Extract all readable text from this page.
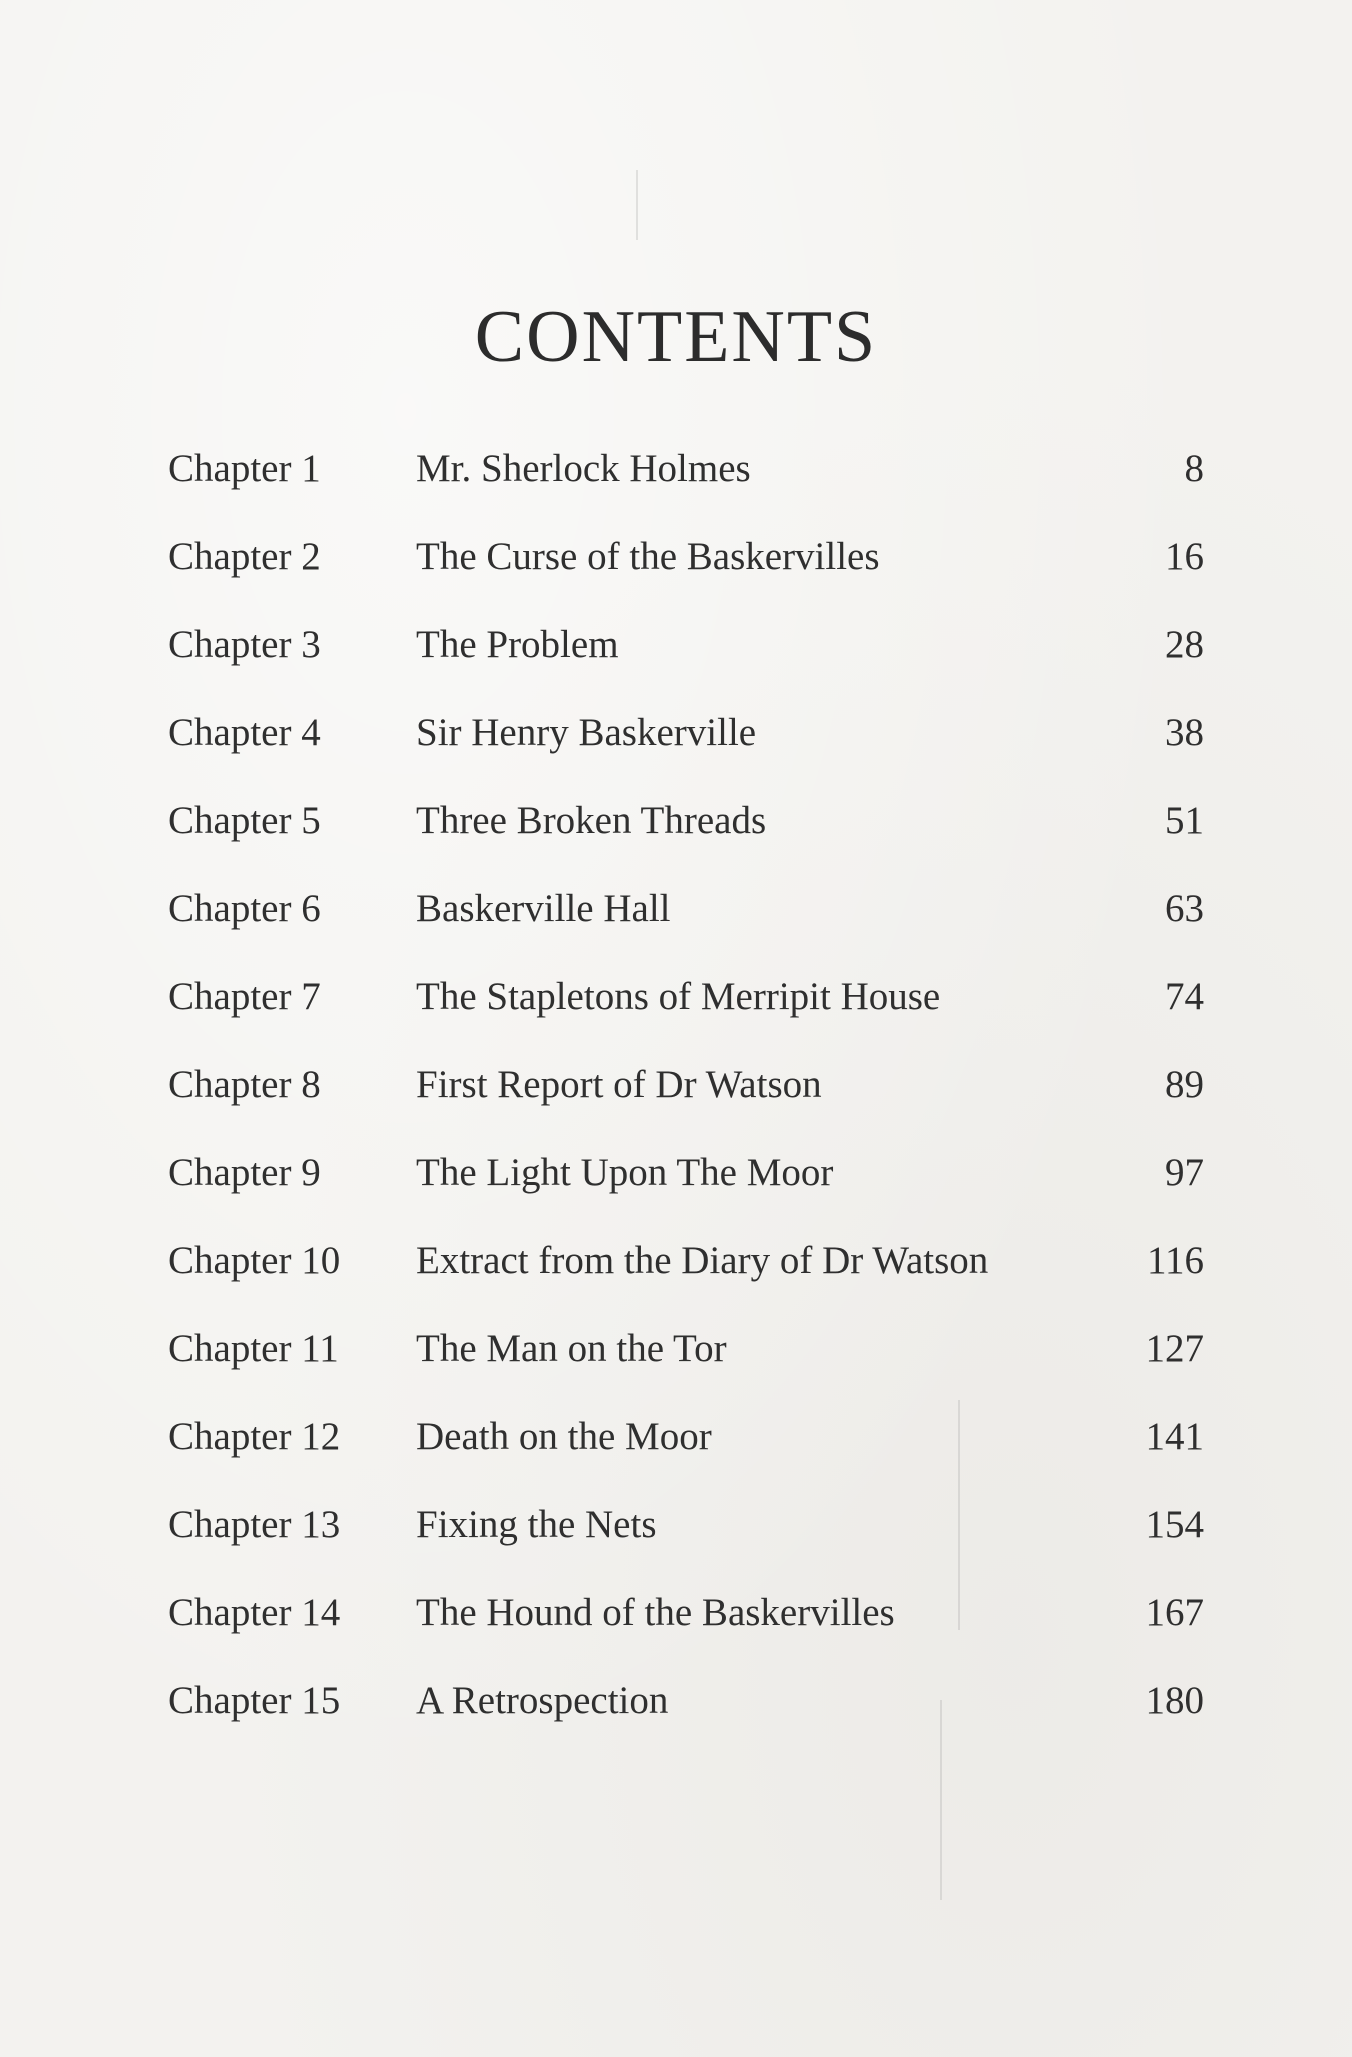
CONTENTS
Chapter 1 Mr. Sherlock Holmes	8
Chapter 2 The Curse of the Baskervilles	16
Chapter 3 The Problem	28
Chapter 4 Sir Henry Baskerville	38
Chapter 5 Three Broken Threads	51
Chapter 6 Baskerville Hall	63
Chapter 7 The Stapletons of Merripit House	74
Chapter 8 First Report of Dr Watson	89
Chapter 9 The Light Upon The Moor	97
Chapter 10 Extract from the Diary of Dr Watson	116
Chapter 11 The Man on the Tor	127
Chapter 12 Death on the Moor	141
Chapter 13 Fixing the Nets	154
Chapter 14 The Hound of the Baskervilles	167
Chapter 15 A Retrospection	180
